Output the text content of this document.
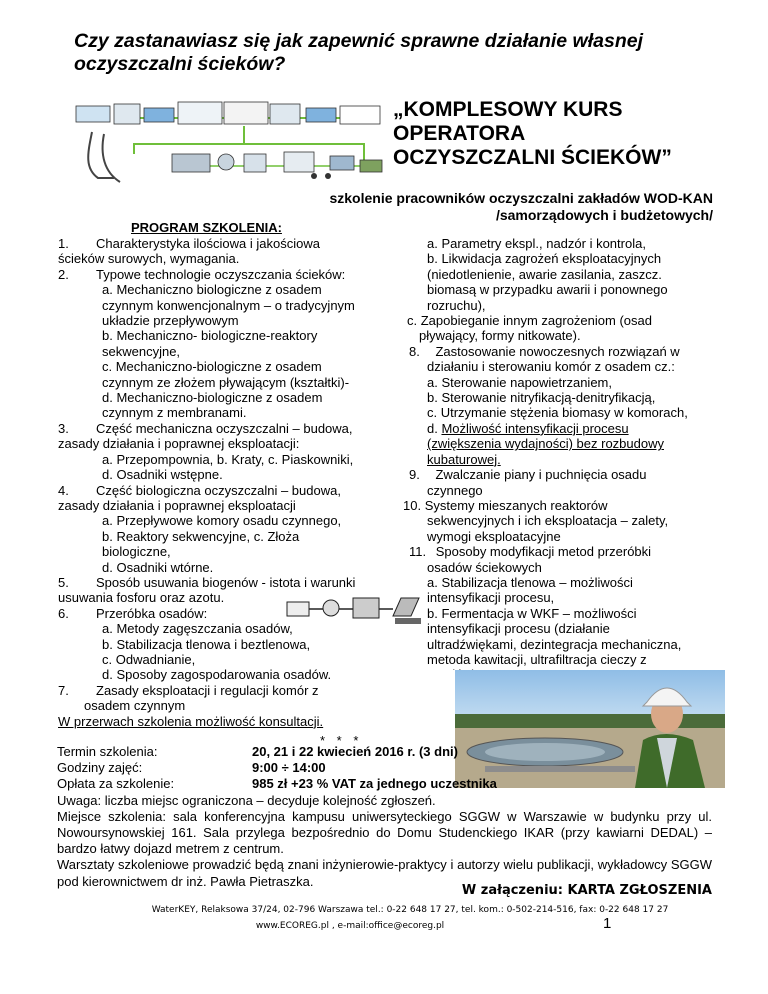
Czy zastanawiasz się jak zapewnić sprawne działanie własnej oczyszczalni ścieków?
„KOMPLESOWY KURS
OPERATORA
OCZYSZCZALNI ŚCIEKÓW”
szkolenie pracowników oczyszczalni zakładów WOD-KAN
/samorządowych i budżetowych/
PROGRAM SZKOLENIA:
1.	Charakterystyka ilościowa i jakościowa
ścieków surowych, wymagania.
2.	Typowe technologie oczyszczania ścieków:
a. Mechaniczno biologiczne z osadem
czynnym konwencjonalnym – o tradycyjnym
układzie przepływowym
b. Mechaniczno- biologiczne-reaktory
sekwencyjne,
c. Mechaniczno-biologiczne z osadem
czynnym ze złożem pływającym (kształtki)-
d. Mechaniczno-biologiczne z osadem
czynnym z membranami.
3.	Część mechaniczna oczyszczalni – budowa,
zasady działania i poprawnej eksploatacji:
a. Przepompownia, b. Kraty, c. Piaskowniki,
d. Osadniki wstępne.
4.	Część biologiczna oczyszczalni – budowa,
zasady działania i poprawnej eksploatacji
a. Przepływowe komory osadu czynnego,
b. Reaktory sekwencyjne, c. Złoża
biologiczne,
d. Osadniki wtórne.
5.	Sposób usuwania biogenów - istota i warunki
usuwania fosforu oraz azotu.
6.	Przeróbka osadów:
a. Metody zagęszczania osadów,
b. Stabilizacja tlenowa i beztlenowa,
c. Odwadnianie,
d. Sposoby zagospodarowania osadów.
7.	Zasady eksploatacji i regulacji komór z
osadem czynnym
W przerwach szkolenia możliwość konsultacji.
a. Parametry ekspl., nadzór i kontrola,
b. Likwidacja zagrożeń eksploatacyjnych
(niedotlenienie, awarie zasilania, zaszcz.
biomasą w przypadku awarii i ponownego
rozruchu),
c. Zapobieganie innym zagrożeniom (osad
pływający, formy nitkowate).
8. Zastosowanie nowoczesnych rozwiązań w
działaniu i sterowaniu komór z osadem cz.:
a. Sterowanie napowietrzaniem,
b. Sterowanie nitryfikacją-denitryfikacją,
c. Utrzymanie stężenia biomasy w komorach,
d. Możliwość intensyfikacji procesu
(zwiększenia wydajności) bez rozbudowy
kubaturowej.
9. Zwalczanie piany i puchnięcia osadu
czynnego
10. Systemy mieszanych reaktorów
sekwencyjnych i ich eksploatacja – zalety,
wymogi eksploatacyjne
11. Sposoby modyfikacji metod przeróbki
osadów ściekowych
a. Stabilizacja tlenowa – możliwości
intensyfikacji procesu,
b. Fermentacja w WKF – możliwości
intensyfikacji procesu (działanie
ultradźwiękami, dezintegracja mechaniczna,
metoda kawitacji, ultrafiltracja cieczy z
* * *
Termin szkolenia:	20, 21 i 22 kwiecień 2016 r. (3 dni)
Godziny zajęć:	9:00 ÷ 14:00
Opłata za szkolenie:	985 zł +23 % VAT za jednego uczestnika
Uwaga: liczba miejsc ograniczona – decyduje kolejność zgłoszeń.
Miejsce szkolenia: sala konferencyjna kampusu uniwersyteckiego SGGW w Warszawie w budynku przy ul. Nowoursynowskiej 161. Sala przylega bezpośrednio do Domu Studenckiego IKAR (przy kawiarni DEDAL) – bardzo łatwy dojazd metrem z centrum.
Warsztaty szkoleniowe prowadzić będą znani inżynierowie-praktycy i autorzy wielu publikacji, wykładowcy SGGW pod kierownictwem dr inż. Pawła Pietraszka.
W załączeniu: KARTA ZGŁOSZENIA
WaterKEY, Relaksowa 37/24, 02-796 Warszawa tel.: 0-22 648 17 27, tel. kom.: 0-502-214-516, fax: 0-22 648 17 27
www.ECOREG.pl , e-mail:office@ecoreg.pl	1
